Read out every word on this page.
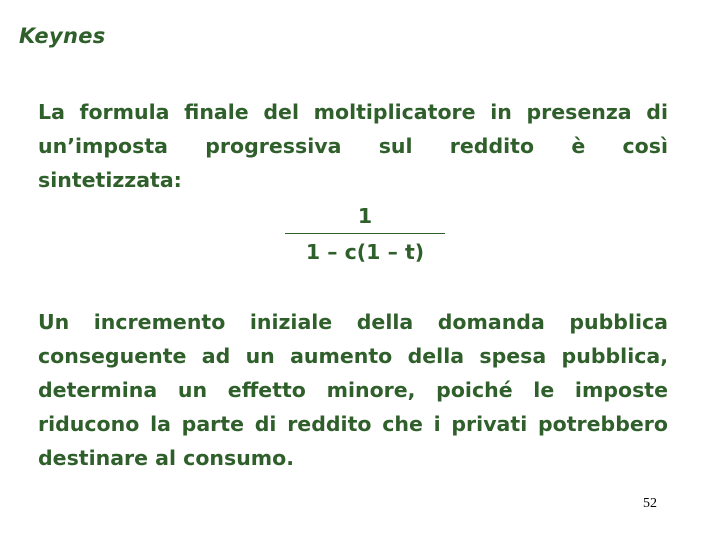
Keynes
La formula finale del moltiplicatore in presenza di un’imposta progressiva sul reddito è così sintetizzata:
1
1 – c(1 – t)
Un incremento iniziale della domanda pubblica conseguente ad un aumento della spesa pubblica, determina un effetto minore, poiché le imposte riducono la parte di reddito che i privati potrebbero destinare al consumo.
52
